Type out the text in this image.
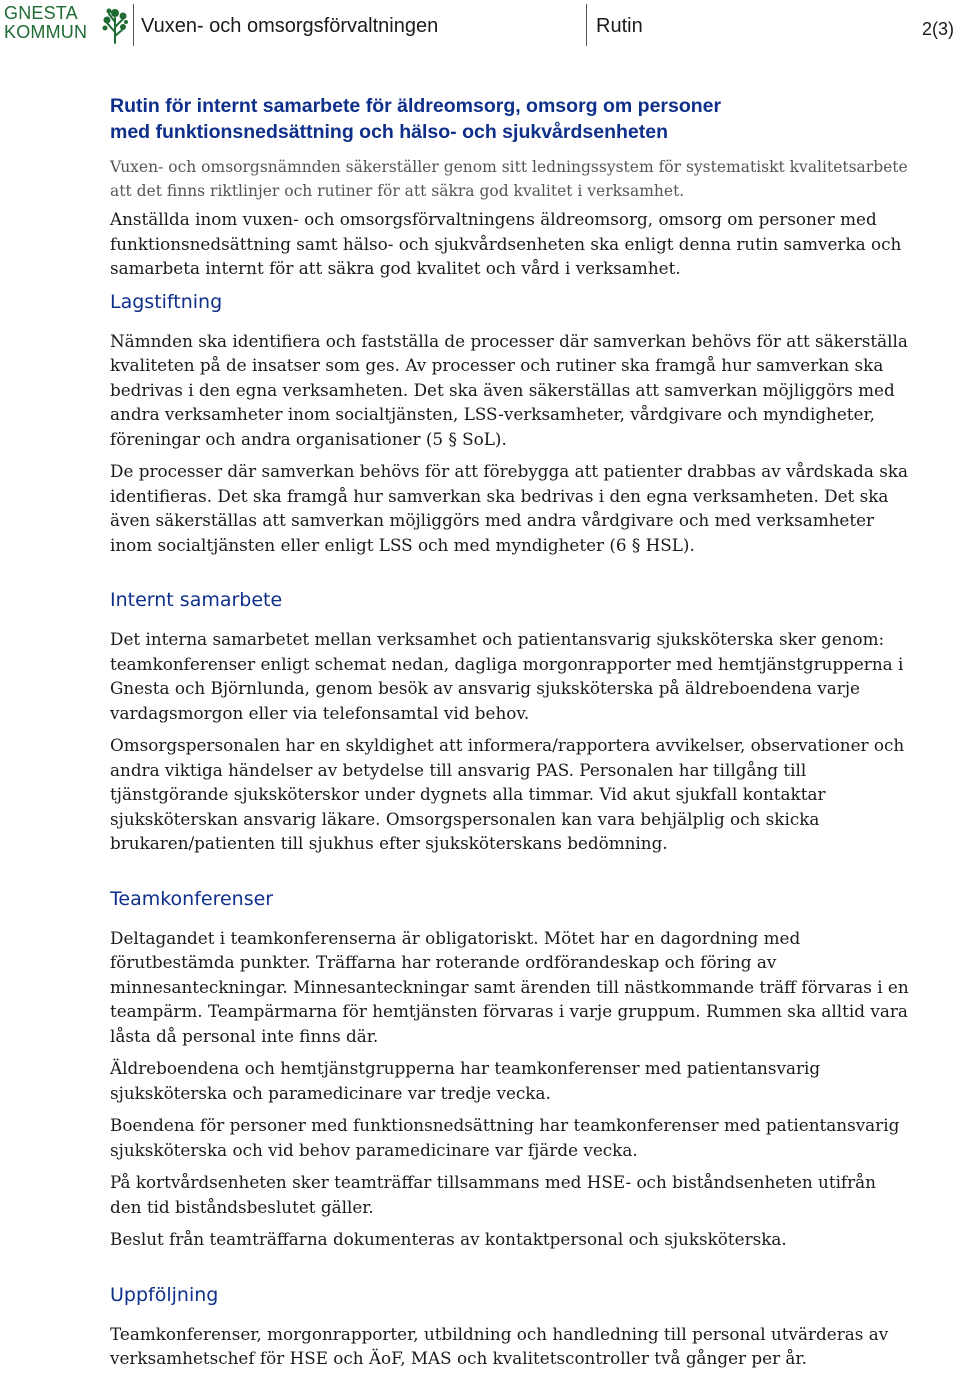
GNESTA
KOMMUN	Vuxen- och omsorgsförvaltningen	Rutin	2(3)
Rutin för internt samarbete för äldreomsorg, omsorg om personer
med funktionsnedsättning och hälso- och sjukvårdsenheten
Vuxen- och omsorgsnämnden säkerställer genom sitt ledningssystem för systematiskt kvalitetsarbete att det finns riktlinjer och rutiner för att säkra god kvalitet i verksamhet.

Anställda inom vuxen- och omsorgsförvaltningens äldreomsorg, omsorg om personer med funktionsnedsättning samt hälso- och sjukvårdsenheten ska enligt denna rutin samverka och samarbeta internt för att säkra god kvalitet och vård i verksamhet.

Lagstiftning

Nämnden ska identifiera och fastställa de processer där samverkan behövs för att säkerställa kvaliteten på de insatser som ges. Av processer och rutiner ska framgå hur samverkan ska bedrivas i den egna verksamheten. Det ska även säkerställas att samverkan möjliggörs med andra verksamheter inom socialtjänsten, LSS-verksamheter, vårdgivare och myndigheter, föreningar och andra organisationer (5 § SoL).

De processer där samverkan behövs för att förebygga att patienter drabbas av vårdskada ska identifieras. Det ska framgå hur samverkan ska bedrivas i den egna verksamheten. Det ska även säkerställas att samverkan möjliggörs med andra vårdgivare och med verksamheter inom socialtjänsten eller enligt LSS och med myndigheter (6 § HSL).

Internt samarbete

Det interna samarbetet mellan verksamhet och patientansvarig sjuksköterska sker genom: teamkonferenser enligt schemat nedan, dagliga morgonrapporter med hemtjänstgrupperna i Gnesta och Björnlunda, genom besök av ansvarig sjuksköterska på äldreboendena varje vardagsmorgon eller via telefonsamtal vid behov.

Omsorgspersonalen har en skyldighet att informera/rapportera avvikelser, observationer och andra viktiga händelser av betydelse till ansvarig PAS. Personalen har tillgång till tjänstgörande sjuksköterskor under dygnets alla timmar. Vid akut sjukfall kontaktar sjuksköterskan ansvarig läkare. Omsorgspersonalen kan vara behjälplig och skicka brukaren/patienten till sjukhus efter sjuksköterskans bedömning.

Teamkonferenser

Deltagandet i teamkonferenserna är obligatoriskt. Mötet har en dagordning med förutbestämda punkter. Träffarna har roterande ordförandeskap och föring av minnesanteckningar. Minnesanteckningar samt ärenden till nästkommande träff förvaras i en teampärm. Teampärmarna för hemtjänsten förvaras i varje gruppum. Rummen ska alltid vara låsta då personal inte finns där.

Äldreboendena och hemtjänstgrupperna har teamkonferenser med patientansvarig sjuksköterska och paramedicinare var tredje vecka.

Boendena för personer med funktionsnedsättning har teamkonferenser med patientansvarig sjuksköterska och vid behov paramedicinare var fjärde vecka.

På kortvårdsenheten sker teamträffar tillsammans med HSE- och biståndsenheten utifrån den tid biståndsbeslutet gäller.

Beslut från teamträffarna dokumenteras av kontaktpersonal och sjuksköterska.

Uppföljning

Teamkonferenser, morgonrapporter, utbildning och handledning till personal utvärderas av verksamhetschef för HSE och ÄoF, MAS och kvalitetscontroller två gånger per år.
